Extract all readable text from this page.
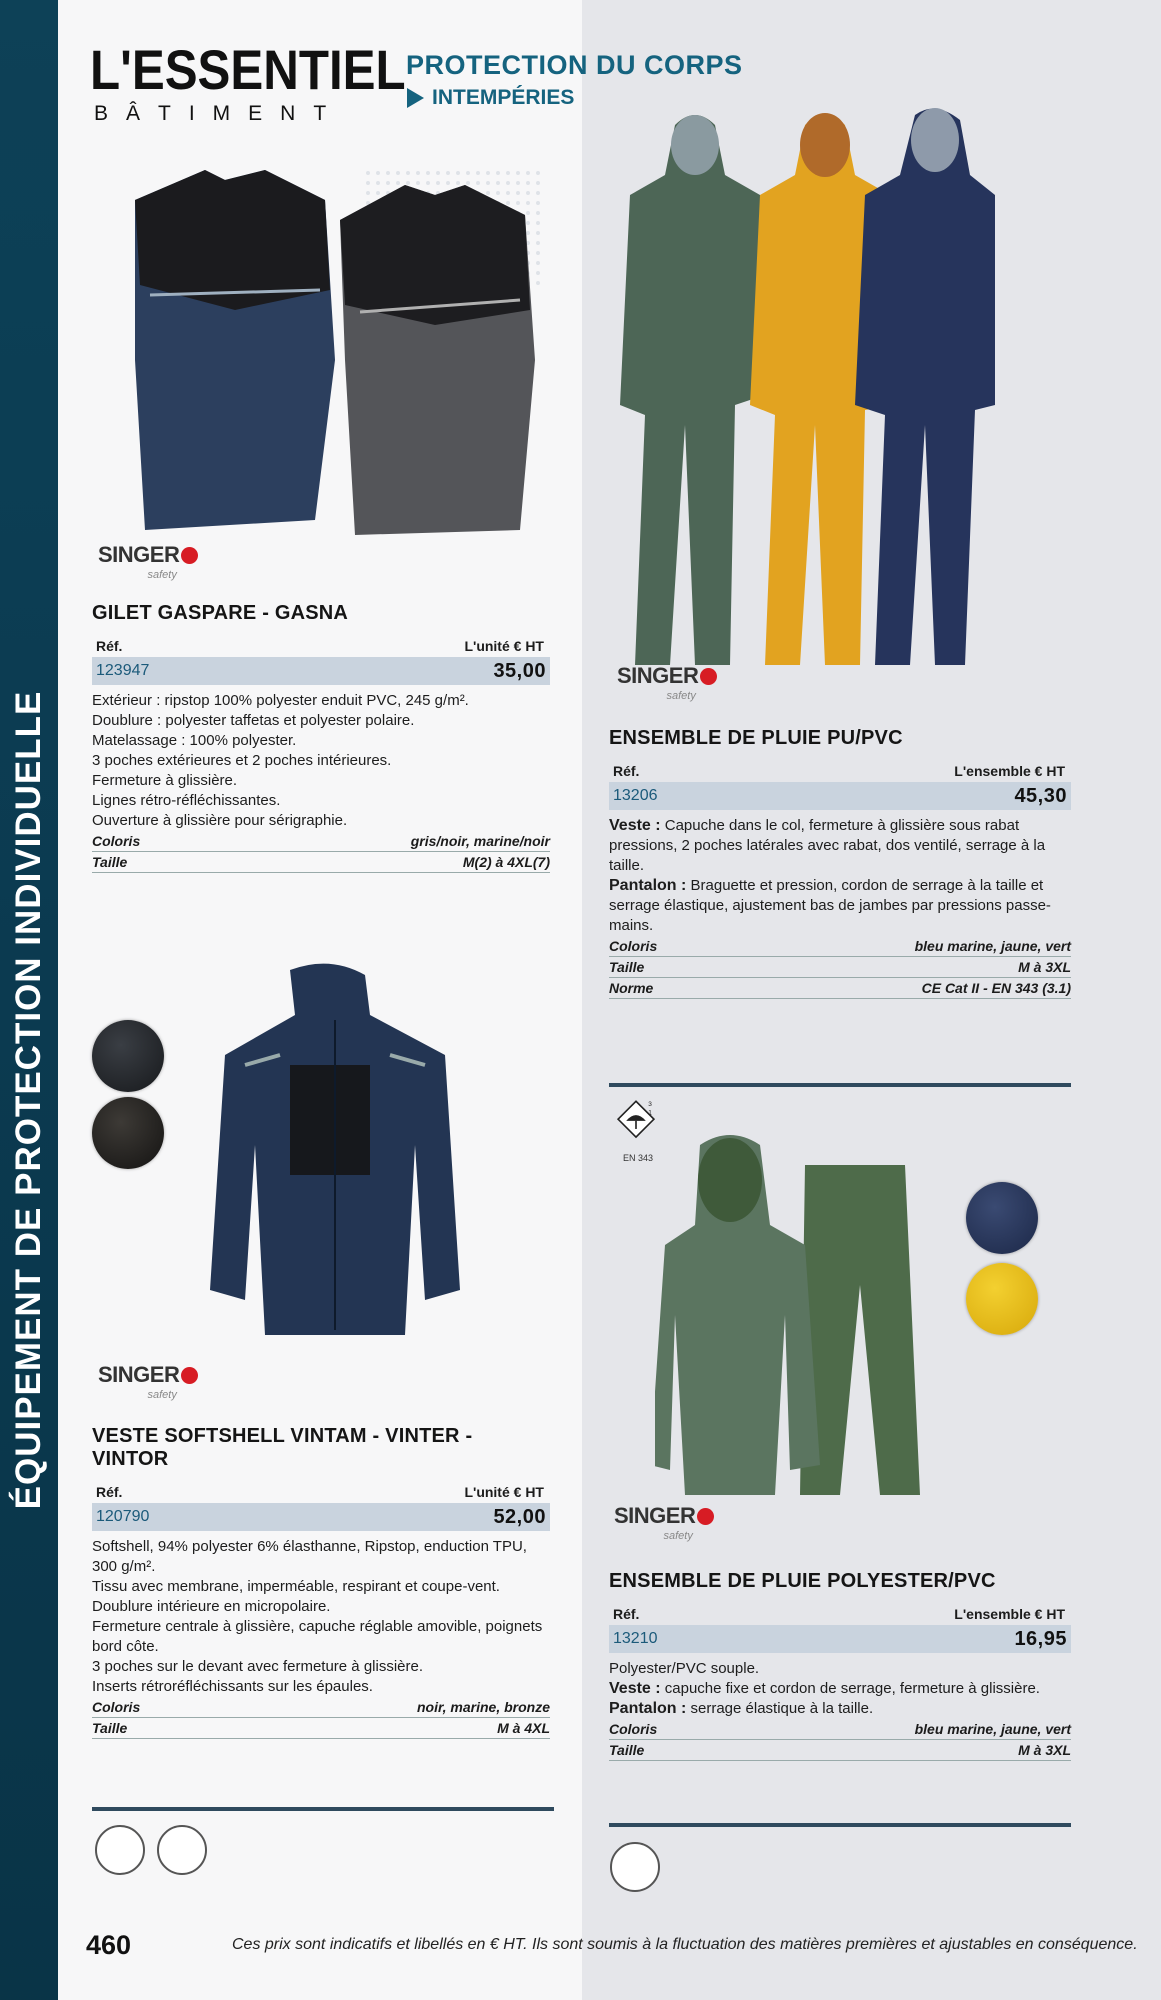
ÉQUIPEMENT DE PROTECTION INDIVIDUELLE
L'ESSENTIEL
BÂTIMENT
PROTECTION DU CORPS
INTEMPÉRIES
SINGER
safety
GILET GASPARE - GASNA
Réf.	L'unité € HT
123947	35,00

Extérieur : ripstop 100% polyester enduit PVC, 245 g/m².

Doublure : polyester taffetas et polyester polaire.

Matelassage : 100% polyester.

3 poches extérieures et 2 poches intérieures.

Fermeture à glissière.

Lignes rétro-réfléchissantes.

Ouverture à glissière pour sérigraphie.

Coloris	gris/noir, marine/noir
Taille	M(2) à 4XL(7)
SINGER
safety
VESTE SOFTSHELL VINTAM - VINTER - VINTOR
Réf.	L'unité € HT
120790	52,00

Softshell, 94% polyester 6% élasthanne, Ripstop, enduction TPU, 300 g/m².

Tissu avec membrane, imperméable, respirant et coupe-vent.

Doublure intérieure en micropolaire.

Fermeture centrale à glissière, capuche réglable amovible, poignets bord côte.

3 poches sur le devant avec fermeture à glissière.

Inserts rétroréfléchissants sur les épaules.

Coloris	noir, marine, bronze
Taille	M à 4XL
SINGER
safety
ENSEMBLE DE PLUIE PU/PVC
Réf.	L'ensemble € HT
13206	45,30

Veste : Capuche dans le col, fermeture à glissière sous rabat pressions, 2 poches latérales avec rabat, dos ventilé, serrage à la taille.

Pantalon : Braguette et pression, cordon de serrage à la taille et serrage élastique, ajustement bas de jambes par pressions passe-mains.

Coloris	bleu marine, jaune, vert
Taille	M à 3XL
Norme	CE Cat II - EN 343 (3.1)
3
1
EN 343
SINGER
safety
ENSEMBLE DE PLUIE POLYESTER/PVC
Réf.	L'ensemble € HT
13210	16,95

Polyester/PVC souple.

Veste : capuche fixe et cordon de serrage, fermeture à glissière.

Pantalon : serrage élastique à la taille.

Coloris	bleu marine, jaune, vert
Taille	M à 3XL
460	Ces prix sont indicatifs et libellés en € HT. Ils sont soumis à la fluctuation des matières premières et ajustables en conséquence.
